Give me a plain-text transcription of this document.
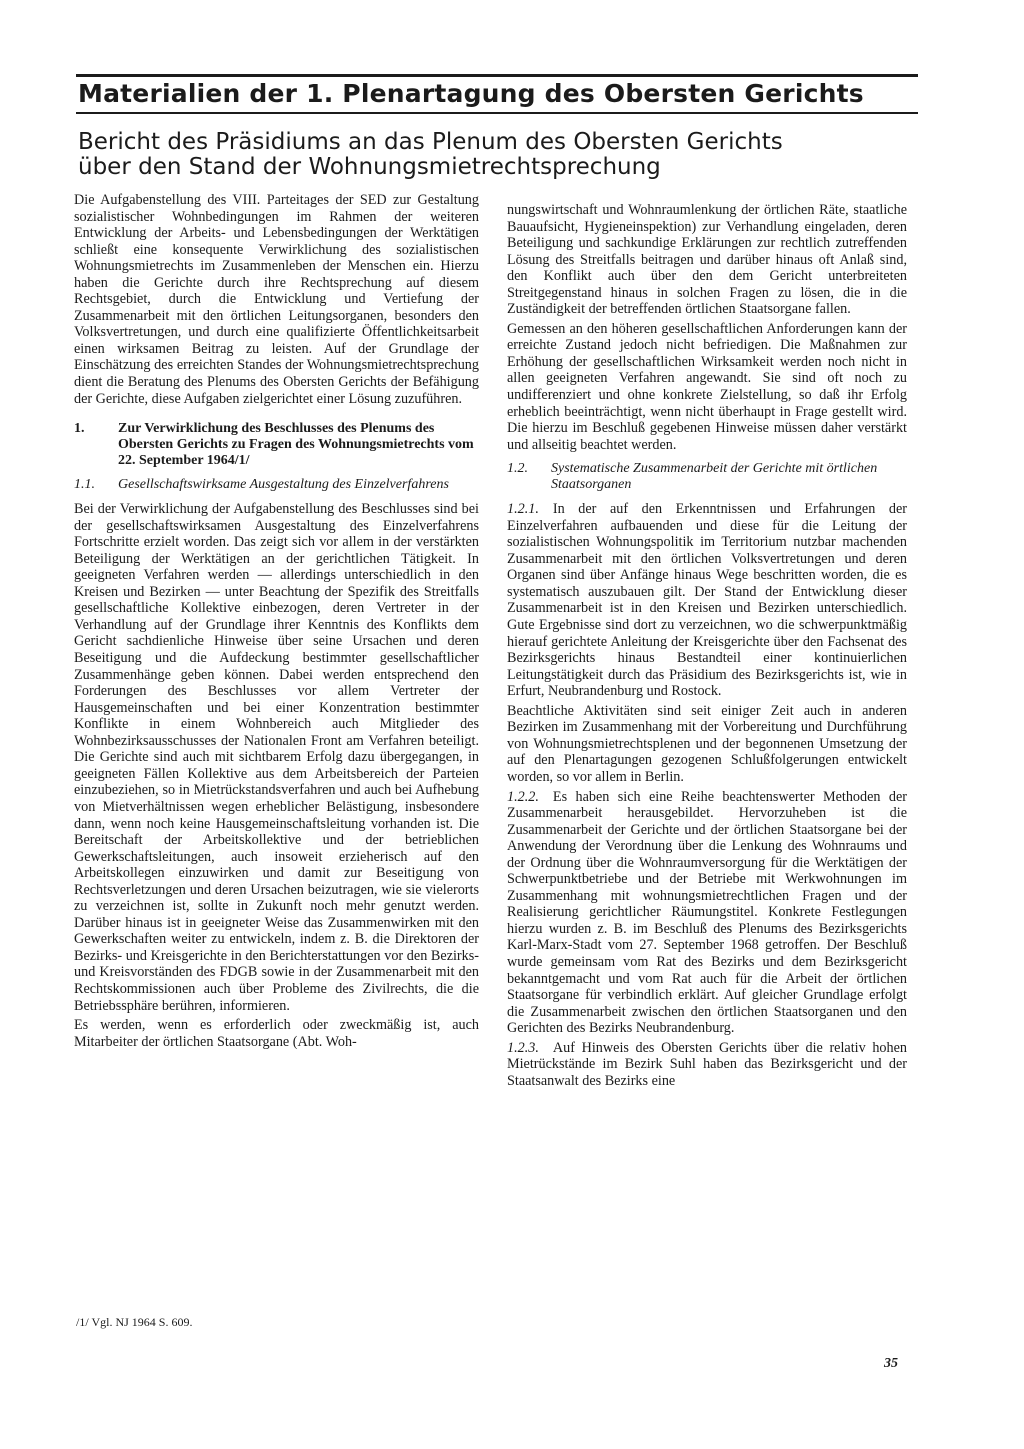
Materialien der 1. Plenartagung des Obersten Gerichts
Bericht des Präsidiums an das Plenum des Obersten Gerichts
über den Stand der Wohnungsmietrechtsprechung

Die Aufgabenstellung des VIII. Parteitages der SED zur Gestaltung sozialistischer Wohnbedingungen im Rahmen der weiteren Entwicklung der Arbeits- und Lebensbedingungen der Werktätigen schließt eine konsequente Verwirklichung des sozialistischen Wohnungsmietrechts im Zusammenleben der Menschen ein. Hierzu haben die Gerichte durch ihre Rechtsprechung auf diesem Rechtsgebiet, durch die Entwicklung und Vertiefung der Zusammenarbeit mit den örtlichen Leitungsorganen, besonders den Volksvertretungen, und durch eine qualifizierte Öffentlichkeitsarbeit einen wirksamen Beitrag zu leisten. Auf der Grundlage der Einschätzung des erreichten Standes der Wohnungsmietrechtsprechung dient die Beratung des Plenums des Obersten Gerichts der Befähigung der Gerichte, diese Aufgaben zielgerichtet einer Lösung zuzuführen.

1.	Zur Verwirklichung des Beschlusses des Plenums des Obersten Gerichts zu Fragen des Wohnungsmietrechts vom 22. September 1964/1/
1.1.	Gesellschaftswirksame Ausgestaltung des Einzelverfahrens

Bei der Verwirklichung der Aufgabenstellung des Beschlusses sind bei der gesellschaftswirksamen Ausgestaltung des Einzelverfahrens Fortschritte erzielt worden. Das zeigt sich vor allem in der verstärkten Beteiligung der Werktätigen an der gerichtlichen Tätigkeit. In geeigneten Verfahren werden — allerdings unterschiedlich in den Kreisen und Bezirken — unter Beachtung der Spezifik des Streitfalls gesellschaftliche Kollektive einbezogen, deren Vertreter in der Verhandlung auf der Grundlage ihrer Kenntnis des Konflikts dem Gericht sachdienliche Hinweise über seine Ursachen und deren Beseitigung und die Aufdeckung bestimmter gesellschaftlicher Zusammenhänge geben können. Dabei werden entsprechend den Forderungen des Beschlusses vor allem Vertreter der Hausgemeinschaften und bei einer Konzentration bestimmter Konflikte in einem Wohnbereich auch Mitglieder des Wohnbezirksausschusses der Nationalen Front am Verfahren beteiligt. Die Gerichte sind auch mit sichtbarem Erfolg dazu übergegangen, in geeigneten Fällen Kollektive aus dem Arbeitsbereich der Parteien einzubeziehen, so in Mietrückstandsverfahren und auch bei Aufhebung von Mietverhältnissen wegen erheblicher Belästigung, insbesondere dann, wenn noch keine Hausgemeinschaftsleitung vorhanden ist. Die Bereitschaft der Arbeitskollektive und der betrieblichen Gewerkschaftsleitungen, auch insoweit erzieherisch auf den Arbeitskollegen einzuwirken und damit zur Beseitigung von Rechtsverletzungen und deren Ursachen beizutragen, wie sie vielerorts zu verzeichnen ist, sollte in Zukunft noch mehr genutzt werden. Darüber hinaus ist in geeigneter Weise das Zusammenwirken mit den Gewerkschaften weiter zu entwickeln, indem z. B. die Direktoren der Bezirks- und Kreisgerichte in den Berichterstattungen vor den Bezirks- und Kreisvorständen des FDGB sowie in der Zusammenarbeit mit den Rechtskommissionen auch über Probleme des Zivilrechts, die die Betriebssphäre berühren, informieren.

Es werden, wenn es erforderlich oder zweckmäßig ist, auch Mitarbeiter der örtlichen Staatsorgane (Abt. Woh-

nungswirtschaft und Wohnraumlenkung der örtlichen Räte, staatliche Bauaufsicht, Hygieneinspektion) zur Verhandlung eingeladen, deren Beteiligung und sachkundige Erklärungen zur rechtlich zutreffenden Lösung des Streitfalls beitragen und darüber hinaus oft Anlaß sind, den Konflikt auch über den dem Gericht unterbreiteten Streitgegenstand hinaus in solchen Fragen zu lösen, die in die Zuständigkeit der betreffenden örtlichen Staatsorgane fallen.

Gemessen an den höheren gesellschaftlichen Anforderungen kann der erreichte Zustand jedoch nicht befriedigen. Die Maßnahmen zur Erhöhung der gesellschaftlichen Wirksamkeit werden noch nicht in allen geeigneten Verfahren angewandt. Sie sind oft noch zu undifferenziert und ohne konkrete Zielstellung, so daß ihr Erfolg erheblich beeinträchtigt, wenn nicht überhaupt in Frage gestellt wird. Die hierzu im Beschluß gegebenen Hinweise müssen daher verstärkt und allseitig beachtet werden.

1.2.	Systematische Zusammenarbeit der Gerichte mit örtlichen Staatsorganen

1.2.1. In der auf den Erkenntnissen und Erfahrungen der Einzelverfahren aufbauenden und diese für die Leitung der sozialistischen Wohnungspolitik im Territorium nutzbar machenden Zusammenarbeit mit den örtlichen Volksvertretungen und deren Organen sind über Anfänge hinaus Wege beschritten worden, die es systematisch auszubauen gilt. Der Stand der Entwicklung dieser Zusammenarbeit ist in den Kreisen und Bezirken unterschiedlich. Gute Ergebnisse sind dort zu verzeichnen, wo die schwerpunktmäßig hierauf gerichtete Anleitung der Kreisgerichte über den Fachsenat des Bezirksgerichts hinaus Bestandteil einer kontinuierlichen Leitungstätigkeit durch das Präsidium des Bezirksgerichts ist, wie in Erfurt, Neubrandenburg und Rostock.

Beachtliche Aktivitäten sind seit einiger Zeit auch in anderen Bezirken im Zusammenhang mit der Vorbereitung und Durchführung von Wohnungsmietrechtsplenen und der begonnenen Umsetzung der auf den Plenartagungen gezogenen Schlußfolgerungen entwickelt worden, so vor allem in Berlin.

1.2.2. Es haben sich eine Reihe beachtenswerter Methoden der Zusammenarbeit herausgebildet. Hervorzuheben ist die Zusammenarbeit der Gerichte und der örtlichen Staatsorgane bei der Anwendung der Verordnung über die Lenkung des Wohnraums und der Ordnung über die Wohnraumversorgung für die Werktätigen der Schwerpunktbetriebe und der Betriebe mit Werkwohnungen im Zusammenhang mit wohnungsmietrechtlichen Fragen und der Realisierung gerichtlicher Räumungstitel. Konkrete Festlegungen hierzu wurden z. B. im Beschluß des Plenums des Bezirksgerichts Karl-Marx-Stadt vom 27. September 1968 getroffen. Der Beschluß wurde gemeinsam vom Rat des Bezirks und dem Bezirksgericht bekanntgemacht und vom Rat auch für die Arbeit der örtlichen Staatsorgane für verbindlich erklärt. Auf gleicher Grundlage erfolgt die Zusammenarbeit zwischen den örtlichen Staatsorganen und den Gerichten des Bezirks Neubrandenburg.

1.2.3. Auf Hinweis des Obersten Gerichts über die relativ hohen Mietrückstände im Bezirk Suhl haben das Bezirksgericht und der Staatsanwalt des Bezirks eine

/1/ Vgl. NJ 1964 S. 609.
35
